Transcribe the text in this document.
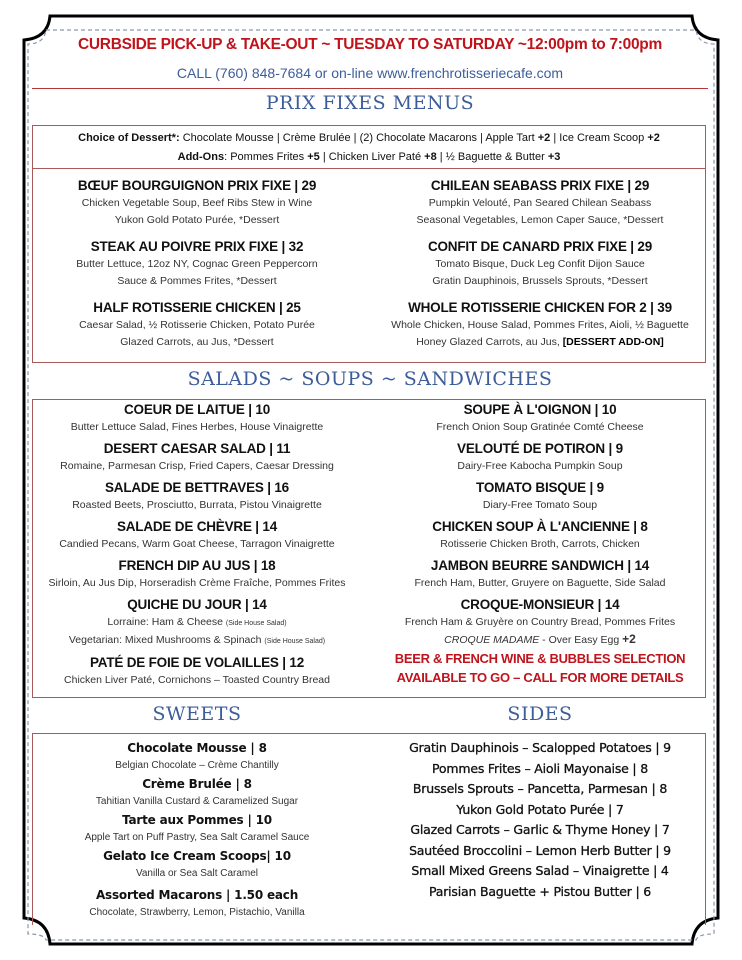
CURBSIDE PICK-UP & TAKE-OUT ~ TUESDAY TO SATURDAY ~12:00pm to 7:00pm
CALL (760) 848-7684 or on-line www.frenchrotisseriecafe.com
PRIX FIXES MENUS
Choice of Dessert*: Chocolate Mousse | Crème Brulée | (2) Chocolate Macarons | Apple Tart +2 | Ice Cream Scoop +2
Add-Ons: Pommes Frites +5 | Chicken Liver Paté +8 | ½ Baguette & Butter +3
BŒUF BOURGUIGNON PRIX FIXE | 29
Chicken Vegetable Soup, Beef Ribs Stew in Wine
Yukon Gold Potato Purée, *Dessert
STEAK AU POIVRE PRIX FIXE | 32
Butter Lettuce, 12oz NY, Cognac Green Peppercorn
Sauce & Pommes Frites, *Dessert
HALF ROTISSERIE CHICKEN | 25
Caesar Salad, ½ Rotisserie Chicken, Potato Purée
Glazed Carrots, au Jus, *Dessert
CHILEAN SEABASS PRIX FIXE | 29
Pumpkin Velouté, Pan Seared Chilean Seabass
Seasonal Vegetables, Lemon Caper Sauce, *Dessert
CONFIT DE CANARD PRIX FIXE | 29
Tomato Bisque, Duck Leg Confit Dijon Sauce
Gratin Dauphinois, Brussels Sprouts, *Dessert
WHOLE ROTISSERIE CHICKEN FOR 2 | 39
Whole Chicken, House Salad, Pommes Frites, Aioli, ½ Baguette
Honey Glazed Carrots, au Jus, [DESSERT ADD-ON]
SALADS ~ SOUPS ~ SANDWICHES
COEUR DE LAITUE | 10
Butter Lettuce Salad, Fines Herbes, House Vinaigrette
DESERT CAESAR SALAD | 11
Romaine, Parmesan Crisp, Fried Capers, Caesar Dressing
SALADE DE BETTRAVES | 16
Roasted Beets, Prosciutto, Burrata, Pistou Vinaigrette
SALADE DE CHÈVRE | 14
Candied Pecans, Warm Goat Cheese, Tarragon Vinaigrette
FRENCH DIP AU JUS | 18
Sirloin, Au Jus Dip, Horseradish Crème Fraîche, Pommes Frites
QUICHE DU JOUR | 14
Lorraine: Ham & Cheese (Side House Salad)
Vegetarian: Mixed Mushrooms & Spinach (Side House Salad)
PATÉ DE FOIE DE VOLAILLES | 12
Chicken Liver Paté, Cornichons – Toasted Country Bread
SOUPE À L'OIGNON | 10
French Onion Soup Gratinée Comté Cheese
VELOUTÉ DE POTIRON | 9
Dairy-Free Kabocha Pumpkin Soup
TOMATO BISQUE | 9
Diary-Free Tomato Soup
CHICKEN SOUP À L'ANCIENNE | 8
Rotisserie Chicken Broth, Carrots, Chicken
JAMBON BEURRE SANDWICH | 14
French Ham, Butter, Gruyere on Baguette, Side Salad
CROQUE-MONSIEUR | 14
French Ham & Gruyère on Country Bread, Pommes Frites
CROQUE MADAME - Over Easy Egg +2
BEER & FRENCH WINE & BUBBLES SELECTION
AVAILABLE TO GO – CALL FOR MORE DETAILS
SWEETS	SIDES
Chocolate Mousse | 8
Belgian Chocolate – Crème Chantilly
Crème Brulée | 8
Tahitian Vanilla Custard & Caramelized Sugar
Tarte aux Pommes | 10
Apple Tart on Puff Pastry, Sea Salt Caramel Sauce
Gelato Ice Cream Scoops| 10
Vanilla or Sea Salt Caramel
Assorted Macarons | 1.50 each
Chocolate, Strawberry, Lemon, Pistachio, Vanilla
Gratin Dauphinois – Scalopped Potatoes | 9
Pommes Frites – Aioli Mayonaise | 8
Brussels Sprouts – Pancetta, Parmesan | 8
Yukon Gold Potato Purée | 7
Glazed Carrots – Garlic & Thyme Honey | 7
Sautéed Broccolini – Lemon Herb Butter | 9
Small Mixed Greens Salad – Vinaigrette | 4
Parisian Baguette + Pistou Butter | 6
